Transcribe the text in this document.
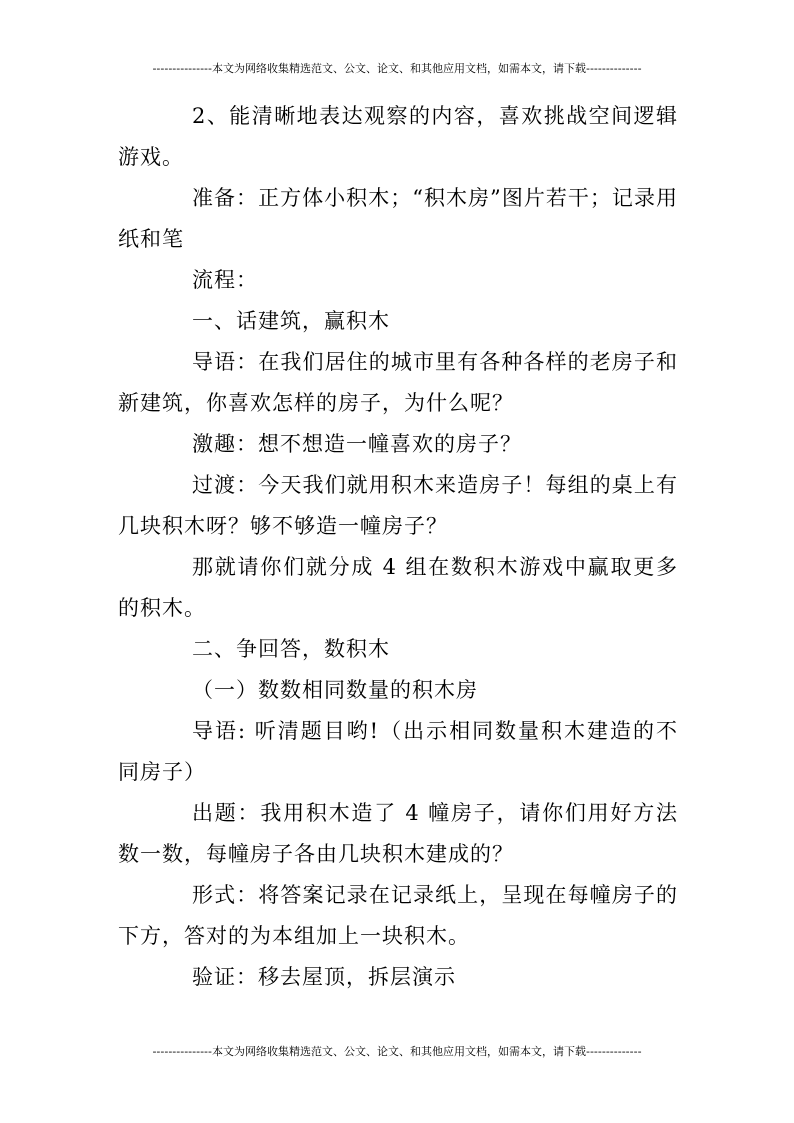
---------------本文为网络收集精选范文、公文、论文、和其他应用文档，如需本文，请下载--------------

2、能清晰地表达观察的内容，喜欢挑战空间逻辑游戏。

准备：正方体小积木；“积木房”图片若干；记录用纸和笔

流程：

一、话建筑，赢积木

导语：在我们居住的城市里有各种各样的老房子和新建筑，你喜欢怎样的房子，为什么呢？

激趣：想不想造一幢喜欢的房子？

过渡：今天我们就用积木来造房子！每组的桌上有几块积木呀？够不够造一幢房子？

那就请你们就分成 4 组在数积木游戏中赢取更多的积木。

二、争回答，数积木

（一）数数相同数量的积木房

导语: 听清题目哟!（出示相同数量积木建造的不同房子）

出题：我用积木造了 4 幢房子，请你们用好方法数一数，每幢房子各由几块积木建成的？

形式：将答案记录在记录纸上，呈现在每幢房子的下方，答对的为本组加上一块积木。

验证：移去屋顶，拆层演示

---------------本文为网络收集精选范文、公文、论文、和其他应用文档，如需本文，请下载--------------
